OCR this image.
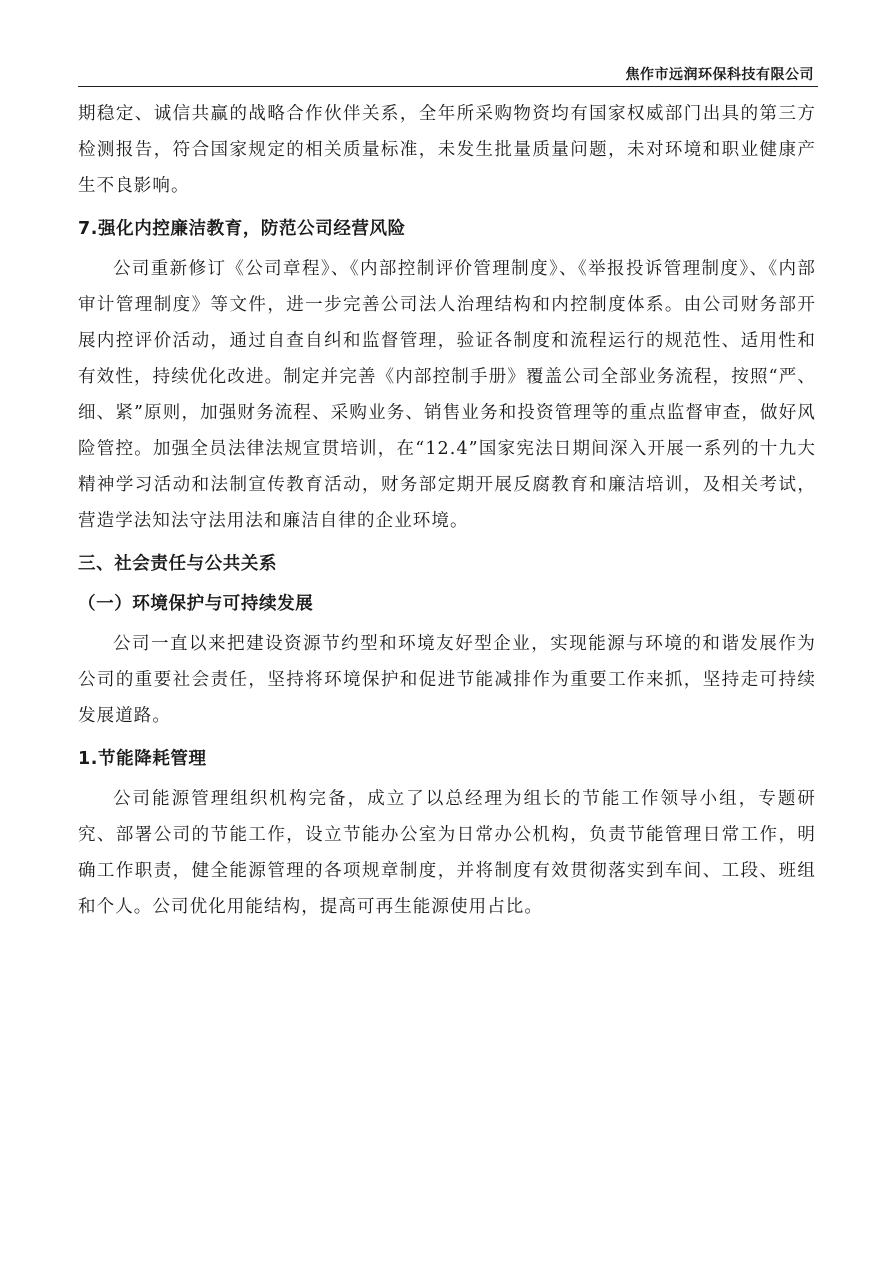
焦作市远润环保科技有限公司

期稳定、诚信共赢的战略合作伙伴关系，全年所采购物资均有国家权威部门出具的第三方检测报告，符合国家规定的相关质量标准，未发生批量质量问题，未对环境和职业健康产生不良影响。

7.强化内控廉洁教育，防范公司经营风险

公司重新修订《公司章程》、《内部控制评价管理制度》、《举报投诉管理制度》、《内部审计管理制度》等文件，进一步完善公司法人治理结构和内控制度体系。由公司财务部开展内控评价活动，通过自查自纠和监督管理，验证各制度和流程运行的规范性、适用性和有效性，持续优化改进。制定并完善《内部控制手册》覆盖公司全部业务流程，按照“严、细、紧”原则，加强财务流程、采购业务、销售业务和投资管理等的重点监督审查，做好风险管控。加强全员法律法规宣贯培训，在“12.4”国家宪法日期间深入开展一系列的十九大精神学习活动和法制宣传教育活动，财务部定期开展反腐教育和廉洁培训，及相关考试，营造学法知法守法用法和廉洁自律的企业环境。

三、社会责任与公共关系

（一）环境保护与可持续发展

公司一直以来把建设资源节约型和环境友好型企业，实现能源与环境的和谐发展作为公司的重要社会责任，坚持将环境保护和促进节能减排作为重要工作来抓，坚持走可持续发展道路。

1.节能降耗管理

公司能源管理组织机构完备，成立了以总经理为组长的节能工作领导小组，专题研究、部署公司的节能工作，设立节能办公室为日常办公机构，负责节能管理日常工作，明确工作职责，健全能源管理的各项规章制度，并将制度有效贯彻落实到车间、工段、班组和个人。公司优化用能结构，提高可再生能源使用占比。
